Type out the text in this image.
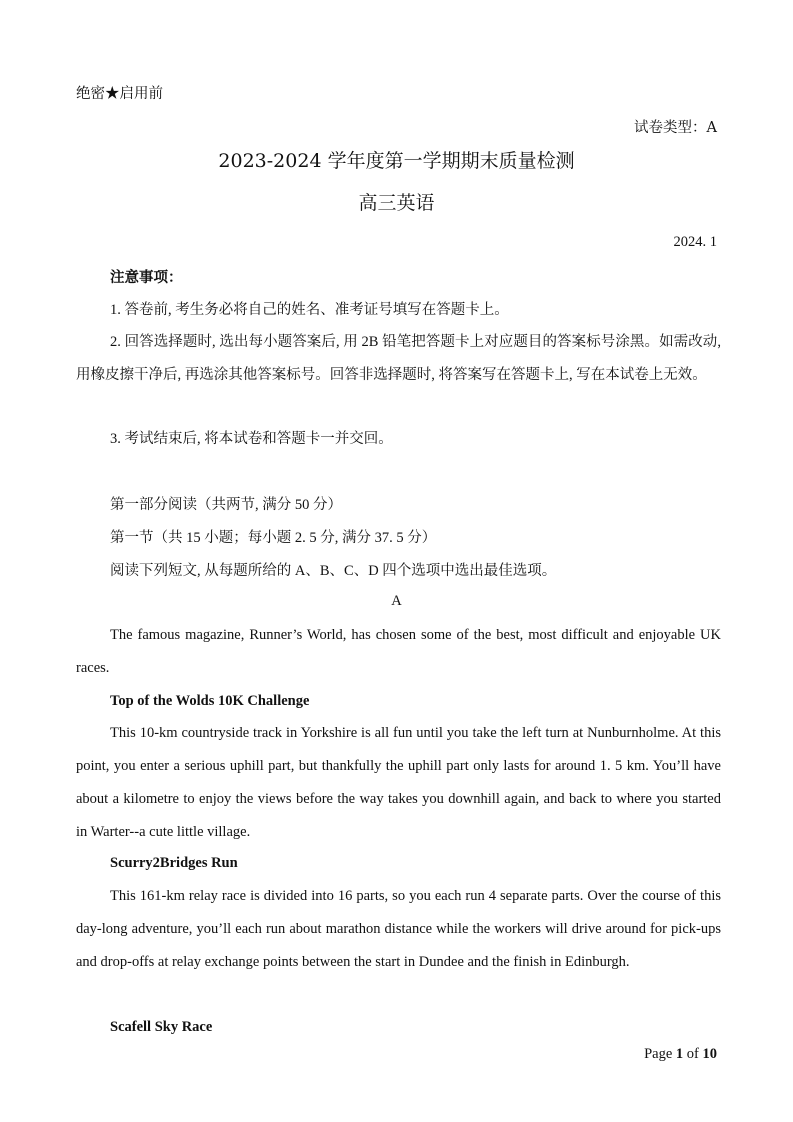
绝密★启用前
试卷类型：A
2023-2024 学年度第一学期期末质量检测
高三英语
2024. 1
注意事项：
1. 答卷前, 考生务必将自己的姓名、准考证号填写在答题卡上。
2. 回答选择题时, 选出每小题答案后, 用 2B 铅笔把答题卡上对应题目的答案标号涂黑。如需改动, 用橡皮擦干净后, 再选涂其他答案标号。回答非选择题时, 将答案写在答题卡上, 写在本试卷上无效。
3. 考试结束后, 将本试卷和答题卡一并交回。
第一部分阅读（共两节, 满分 50 分）
第一节（共 15 小题；每小题 2. 5 分, 满分 37. 5 分）
阅读下列短文, 从每题所给的 A、B、C、D 四个选项中选出最佳选项。
A
The famous magazine, Runner’s World, has chosen some of the best, most difficult and enjoyable UK races.
Top of the Wolds 10K Challenge
This 10-km countryside track in Yorkshire is all fun until you take the left turn at Nunburnholme. At this point, you enter a serious uphill part, but thankfully the uphill part only lasts for around 1. 5 km. You’ll have about a kilometre to enjoy the views before the way takes you downhill again, and back to where you started in Warter--a cute little village.
Scurry2Bridges Run
This 161-km relay race is divided into 16 parts, so you each run 4 separate parts. Over the course of this day-long adventure, you’ll each run about marathon distance while the workers will drive around for pick-ups and drop-offs at relay exchange points between the start in Dundee and the finish in Edinburgh.
Scafell Sky Race
Page 1 of 10
